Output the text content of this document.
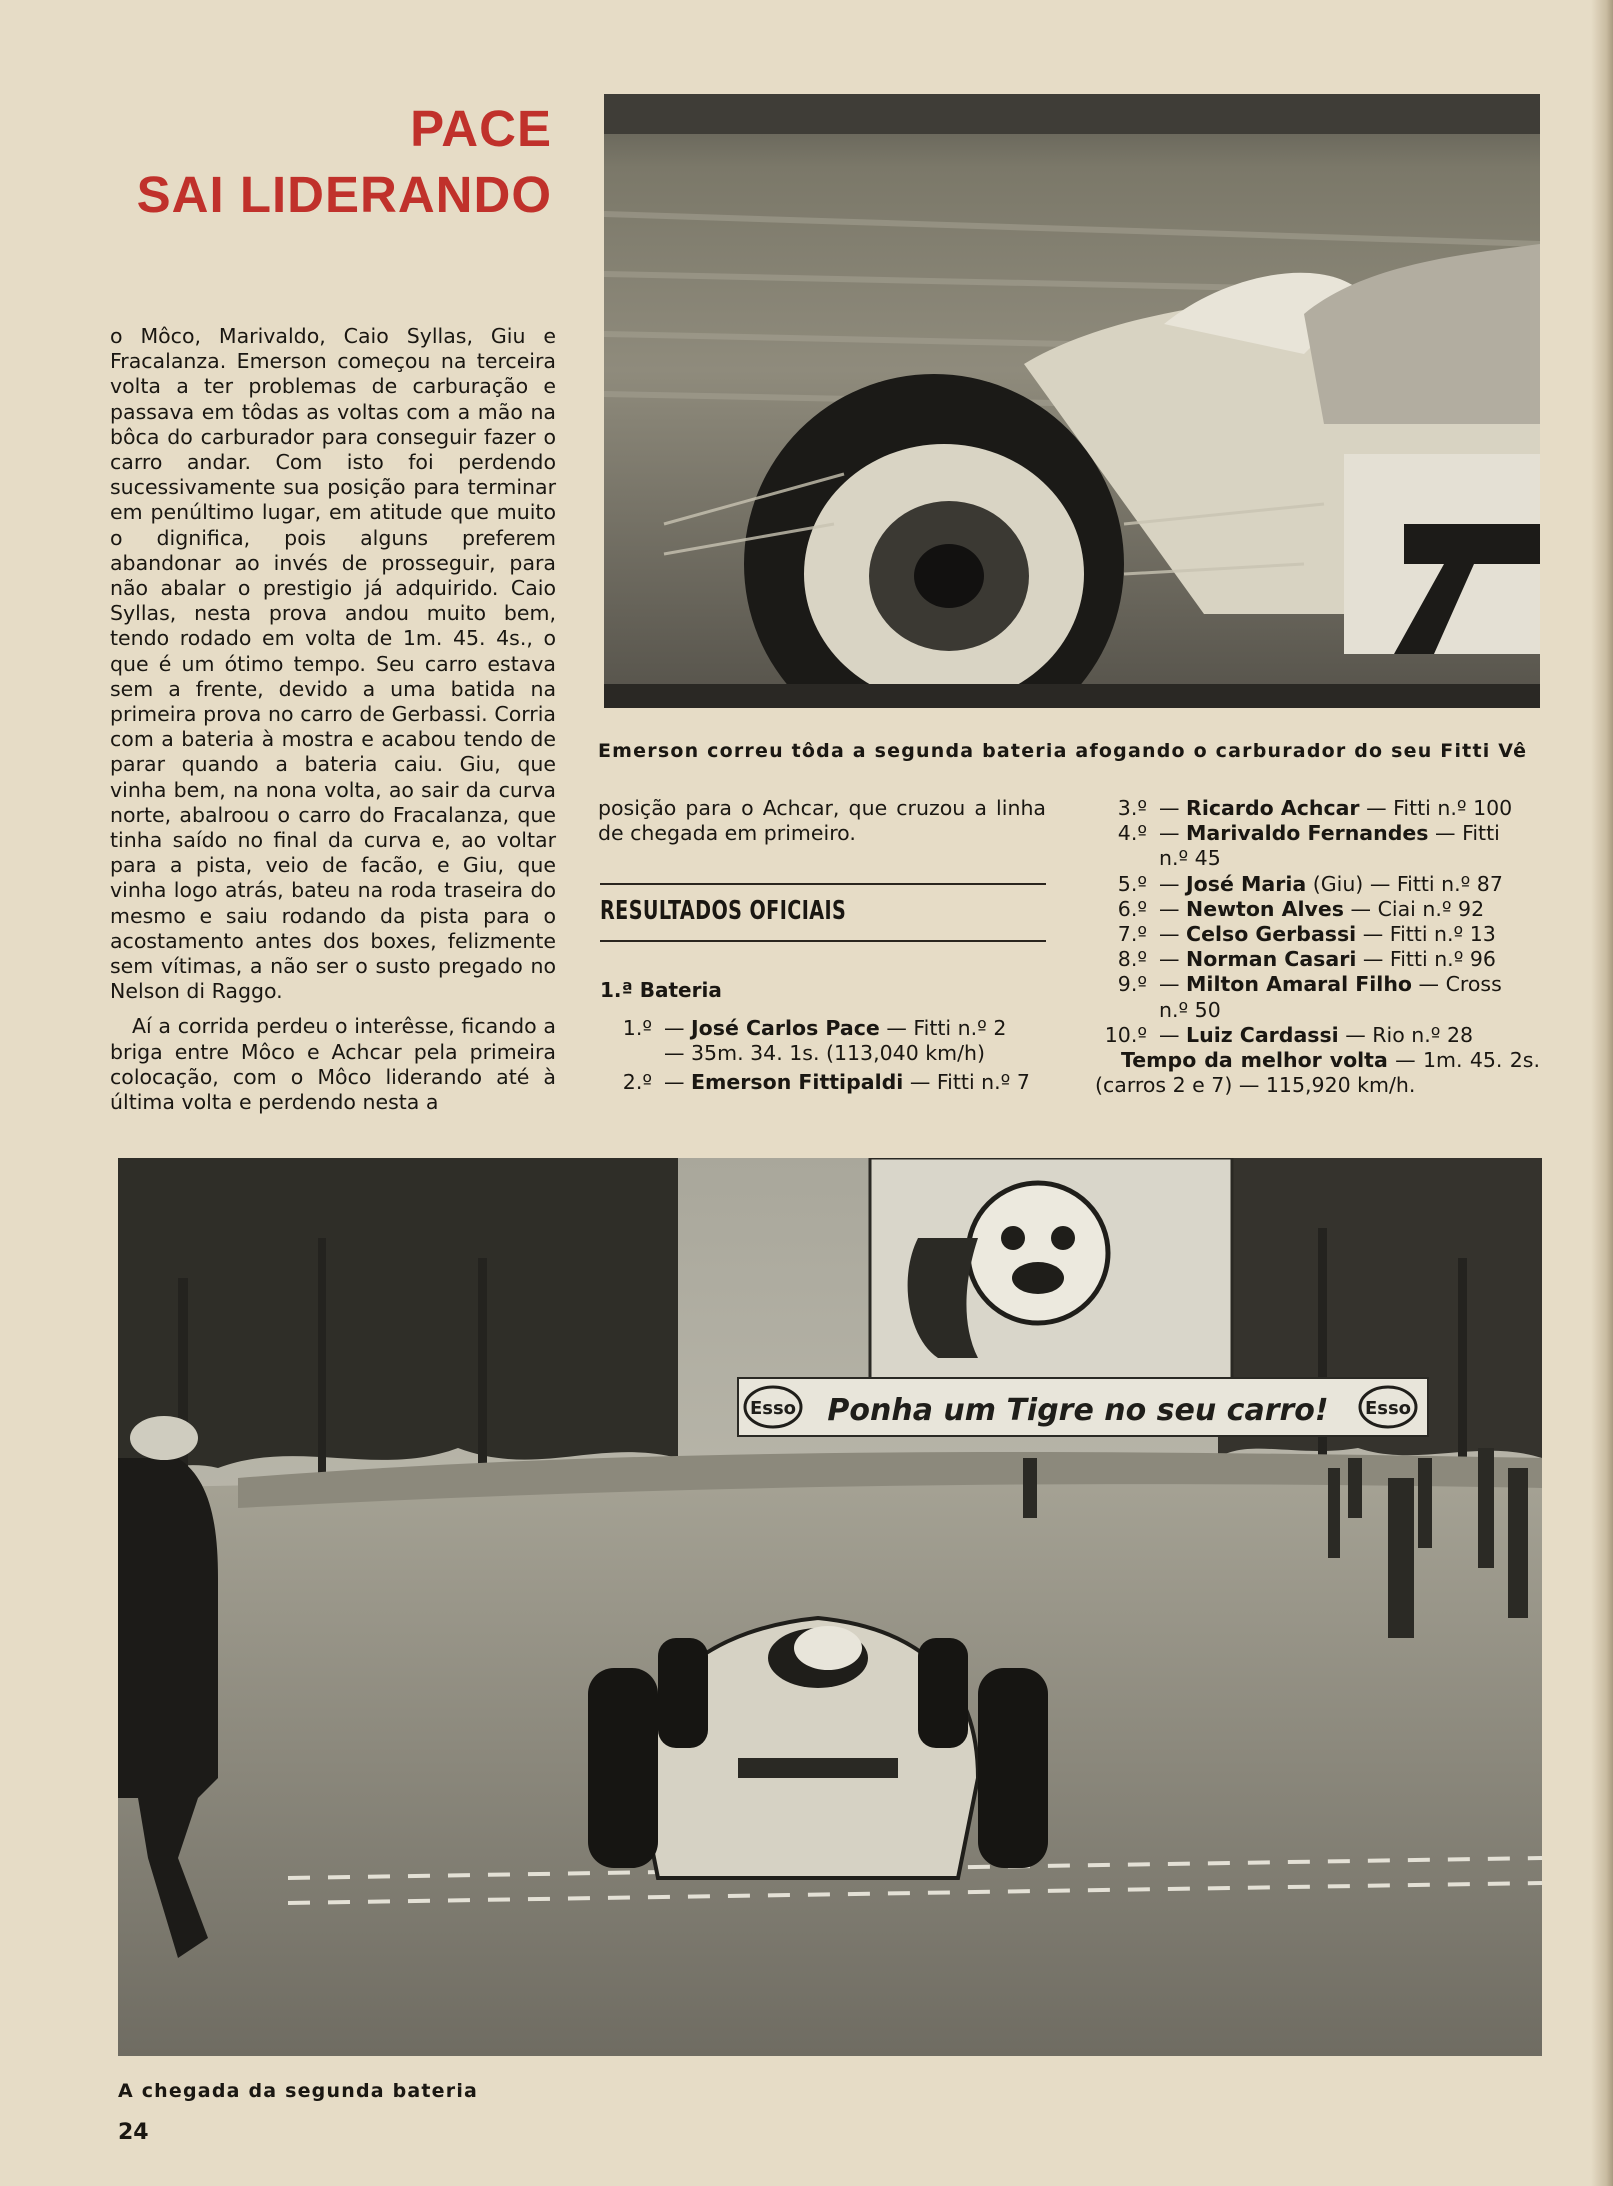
PACE
SAI LIDERANDO
Emerson correu tôda a segunda bateria afogando o carburador do seu Fitti Vê

o Môco, Marivaldo, Caio Syllas, Giu e Fracalanza. Emerson começou na terceira volta a ter problemas de carburação e passava em tôdas as voltas com a mão na bôca do carburador para conseguir fazer o carro andar. Com isto foi perdendo sucessivamente sua posição para terminar em penúltimo lugar, em atitude que muito o dignifica, pois alguns preferem abandonar ao invés de prosseguir, para não abalar o prestigio já adquirido. Caio Syllas, nesta prova andou muito bem, tendo rodado em volta de 1m. 45. 4s., o que é um ótimo tempo. Seu carro estava sem a frente, devido a uma batida na primeira prova no carro de Gerbassi. Corria com a bateria à mostra e acabou tendo de parar quando a bateria caiu. Giu, que vinha bem, na nona volta, ao sair da curva norte, abalroou o carro do Fracalanza, que tinha saído no final da curva e, ao voltar para a pista, veio de facão, e Giu, que vinha logo atrás, bateu na roda traseira do mesmo e saiu rodando da pista para o acostamento antes dos boxes, felizmente sem vítimas, a não ser o susto pregado no Nelson di Raggo.

Aí a corrida perdeu o interêsse, ficando a briga entre Môco e Achcar pela primeira colocação, com o Môco liderando até à última volta e perdendo nesta a

posição para o Achcar, que cruzou a linha de chegada em primeiro.

RESULTADOS OFICIAIS
1.ª Bateria
1.º — José Carlos Pace — Fitti n.º 2
— 35m. 34. 1s. (113,040 km/h)
2.º — Emerson Fittipaldi — Fitti n.º 7
3.º — Ricardo Achcar — Fitti n.º 100
4.º — Marivaldo Fernandes — Fitti
n.º 45
5.º — José Maria (Giu) — Fitti n.º 87
6.º — Newton Alves — Ciai n.º 92
7.º — Celso Gerbassi — Fitti n.º 13
8.º — Norman Casari — Fitti n.º 96
9.º — Milton Amaral Filho — Cross
n.º 50
10.º — Luiz Cardassi — Rio n.º 28

Tempo da melhor volta — 1m. 45. 2s. (carros 2 e 7) — 115,920 km/h.

Esso	Esso
Ponha um Tigre no seu carro!
A chegada da segunda bateria
24
